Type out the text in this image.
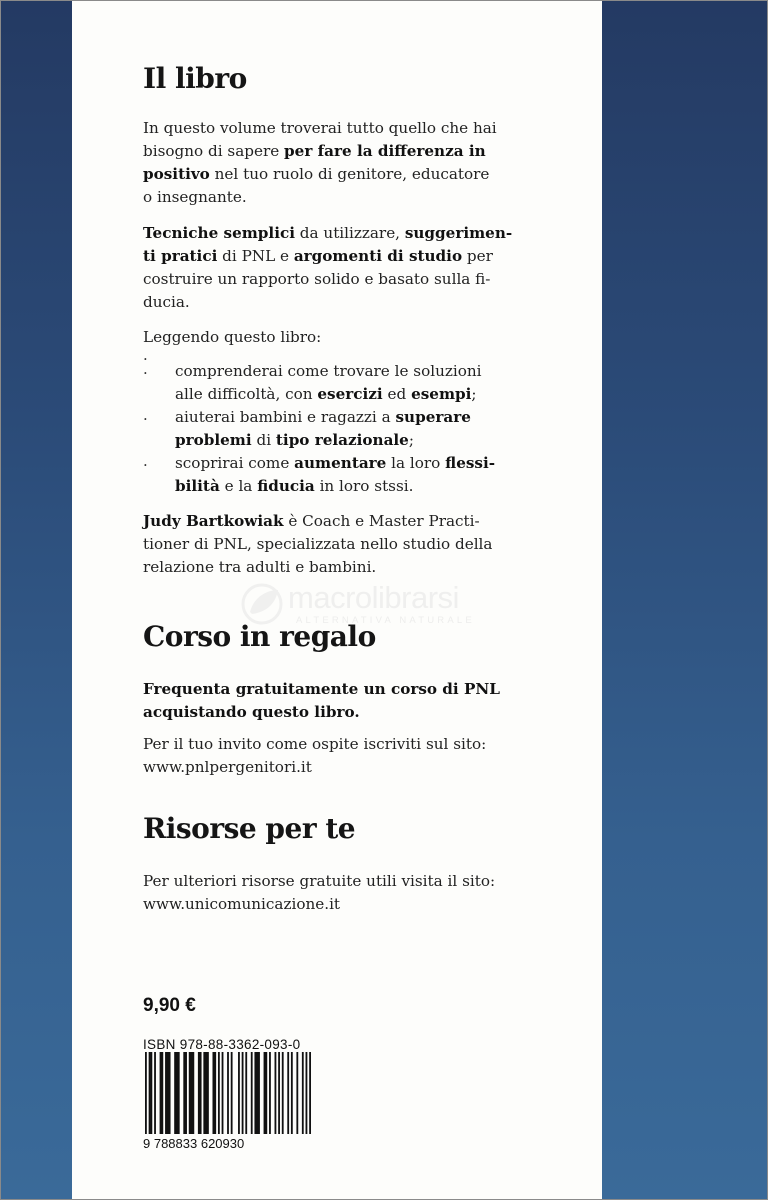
Il libro

In questo volume troverai tutto quello che hai
bisogno di sapere per fare la differenza in
positivo nel tuo ruolo di genitore, educatore
o insegnante.

Tecniche semplici da utilizzare, suggerimen-
ti pratici di PNL e argomenti di studio per
costruire un rapporto solido e basato sulla fi-
ducia.

Leggendo questo libro:

·
· comprenderai come trovare le soluzioni
alle difficoltà, con esercizi ed esempi;

· aiuterai bambini e ragazzi a superare
problemi di tipo relazionale;

· scoprirai come aumentare la loro flessi-
bilità e la fiducia in loro stssi.

Judy Bartkowiak è Coach e Master Practi-
tioner di PNL, specializzata nello studio della
relazione tra adulti e bambini.

Corso in regalo

Frequenta gratuitamente un corso di PNL
acquistando questo libro.

Per il tuo invito come ospite iscriviti sul sito:
www.pnlpergenitori.it

Risorse per te

Per ulteriori risorse gratuite utili visita il sito:
www.unicomunicazione.it

9,90 €
ISBN 978-88-3362-093-0
9 788833 620930
macrolibrarsi
ALTERNATIVA NATURALE
